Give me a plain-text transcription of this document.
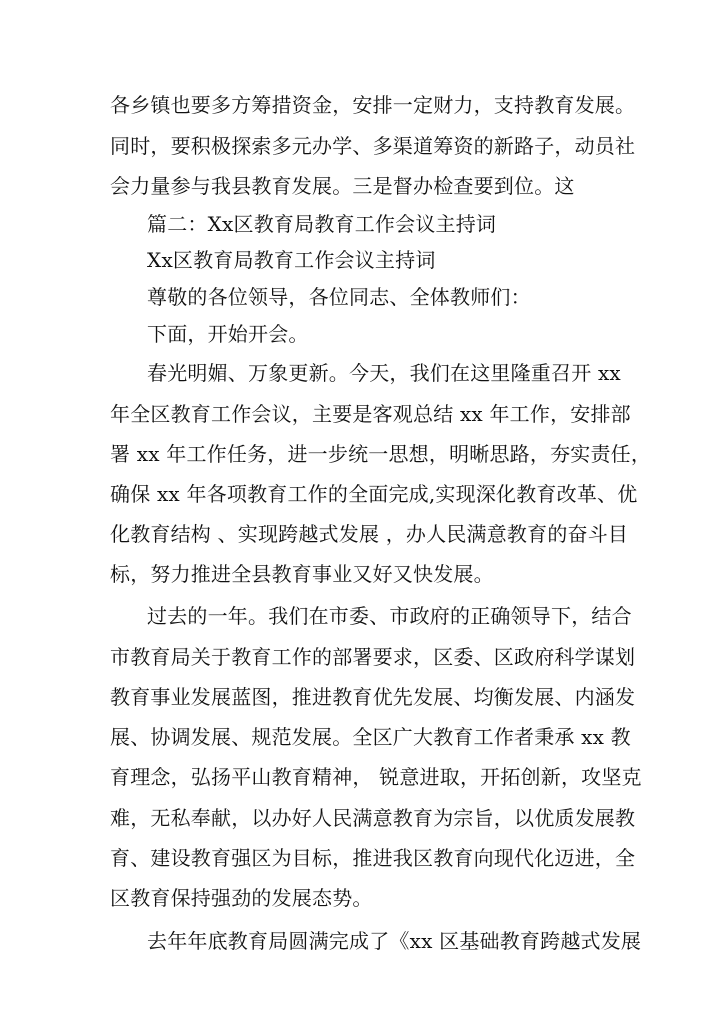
各乡镇也要多方筹措资金，安排一定财力，支持教育发展。
同时，要积极探索多元办学、多渠道筹资的新路子，动员社
会力量参与我县教育发展。三是督办检查要到位。这
篇二：Xx区教育局教育工作会议主持词
Xx区教育局教育工作会议主持词
尊敬的各位领导，各位同志、全体教师们：
下面，开始开会。
春光明媚、万象更新。今天，我们在这里隆重召开 xx
年全区教育工作会议，主要是客观总结 xx 年工作，安排部
署 xx 年工作任务，进一步统一思想，明晰思路，夯实责任，
确保 xx 年各项教育工作的全面完成,实现深化教育改革、优
化教育结构 、实现跨越式发展 ，办人民满意教育的奋斗目
标，努力推进全县教育事业又好又快发展。
过去的一年。我们在市委、市政府的正确领导下，结合
市教育局关于教育工作的部署要求，区委、区政府科学谋划
教育事业发展蓝图，推进教育优先发展、均衡发展、内涵发
展、协调发展、规范发展。全区广大教育工作者秉承 xx 教
育理念，弘扬平山教育精神， 锐意进取，开拓创新，攻坚克
难，无私奉献，以办好人民满意教育为宗旨，以优质发展教
育、建设教育强区为目标，推进我区教育向现代化迈进，全
区教育保持强劲的发展态势。
去年年底教育局圆满完成了《xx 区基础教育跨越式发展
